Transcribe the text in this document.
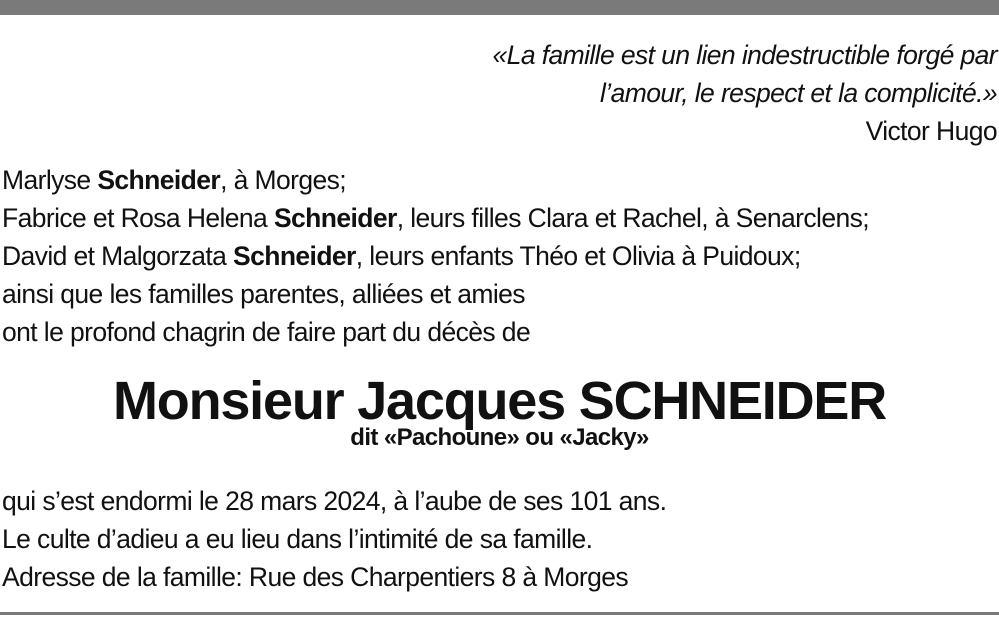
«La famille est un lien indestructible forgé par
l’amour, le respect et la complicité.»
Victor Hugo
Marlyse Schneider, à Morges;
Fabrice et Rosa Helena Schneider, leurs filles Clara et Rachel, à Senarclens;
David et Malgorzata Schneider, leurs enfants Théo et Olivia à Puidoux;
ainsi que les familles parentes, alliées et amies
ont le profond chagrin de faire part du décès de
Monsieur Jacques SCHNEIDER
dit «Pachoune» ou «Jacky»
qui s’est endormi le 28 mars 2024, à l’aube de ses 101 ans.
Le culte d’adieu a eu lieu dans l’intimité de sa famille.
Adresse de la famille: Rue des Charpentiers 8 à Morges
